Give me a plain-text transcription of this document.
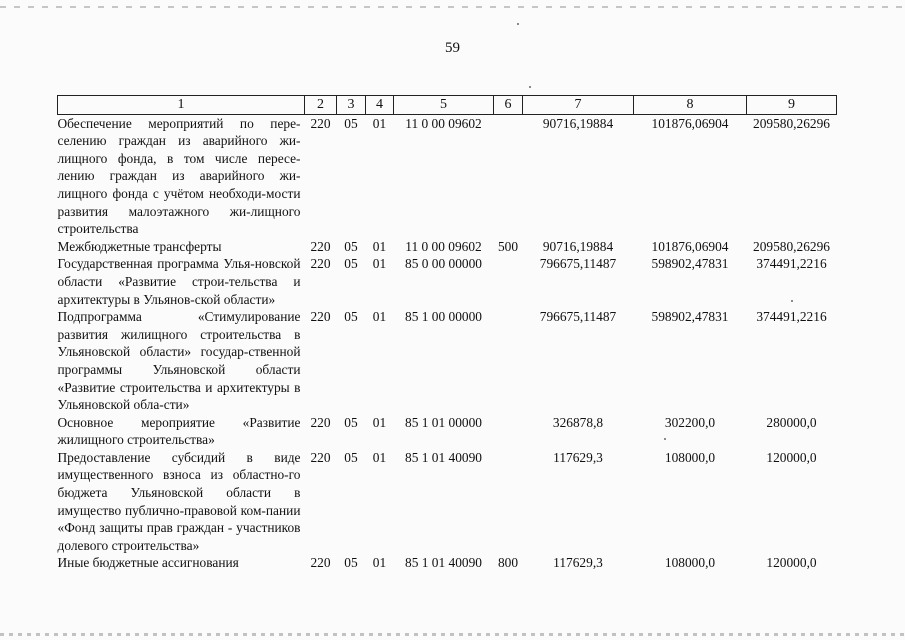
59
1	2	3	4	5	6	7	8	9
Обеспечение мероприятий по пере-селению граждан из аварийного жи-лищного фонда, в том числе пересе-лению граждан из аварийного жи-лищного фонда с учётом необходи-мости развития малоэтажного жи-лищного строительства	220	05	01	11 0 00 09602		90716,19884	101876,06904	209580,26296
Межбюджетные трансферты	220	05	01	11 0 00 09602	500	90716,19884	101876,06904	209580,26296
Государственная программа Улья-новской области «Развитие строи-тельства и архитектуры в Ульянов-ской области»	220	05	01	85 0 00 00000		796675,11487	598902,47831	374491,2216
Подпрограмма «Стимулирование развития жилищного строительства в Ульяновской области» государ-ственной программы Ульяновской области «Развитие строительства и архитектуры в Ульяновской обла-сти»	220	05	01	85 1 00 00000		796675,11487	598902,47831	374491,2216
Основное мероприятие «Развитие жилищного строительства»	220	05	01	85 1 01 00000		326878,8	302200,0	280000,0
Предоставление субсидий в виде имущественного взноса из областно-го бюджета Ульяновской области в имущество публично-правовой ком-пании «Фонд защиты прав граждан - участников долевого строительства»	220	05	01	85 1 01 40090		117629,3	108000,0	120000,0
Иные бюджетные ассигнования	220	05	01	85 1 01 40090	800	117629,3	108000,0	120000,0
